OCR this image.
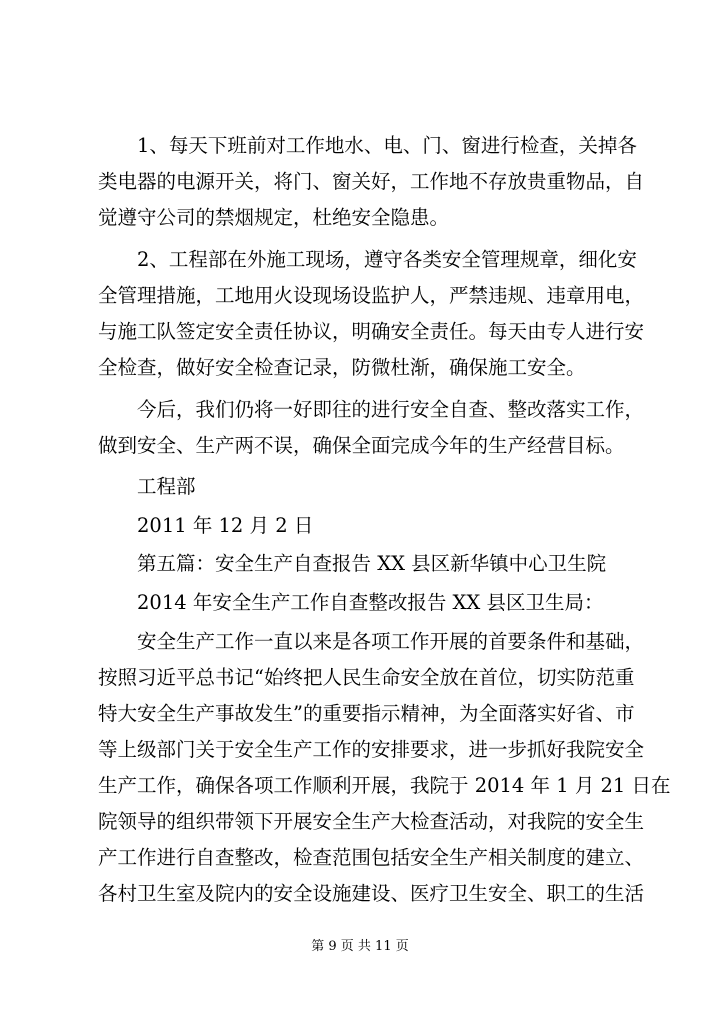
1、每天下班前对工作地水、电、门、窗进行检查，关掉各
类电器的电源开关，将门、窗关好，工作地不存放贵重物品，自
觉遵守公司的禁烟规定，杜绝安全隐患。
2、工程部在外施工现场，遵守各类安全管理规章，细化安
全管理措施，工地用火设现场设监护人，严禁违规、违章用电，
与施工队签定安全责任协议，明确安全责任。每天由专人进行安
全检查，做好安全检查记录，防微杜渐，确保施工安全。
今后，我们仍将一好即往的进行安全自查、整改落实工作，
做到安全、生产两不误，确保全面完成今年的生产经营目标。
工程部
2011 年 12 月 2 日
第五篇：安全生产自查报告 XX 县区新华镇中心卫生院
2014 年安全生产工作自查整改报告 XX 县区卫生局：
安全生产工作一直以来是各项工作开展的首要条件和基础，
按照习近平总书记“始终把人民生命安全放在首位，切实防范重
特大安全生产事故发生”的重要指示精神，为全面落实好省、市
等上级部门关于安全生产工作的安排要求，进一步抓好我院安全
生产工作，确保各项工作顺利开展，我院于 2014 年 1 月 21 日在
院领导的组织带领下开展安全生产大检查活动，对我院的安全生
产工作进行自查整改，检查范围包括安全生产相关制度的建立、
各村卫生室及院内的安全设施建设、医疗卫生安全、职工的生活
第 9 页 共 11 页
